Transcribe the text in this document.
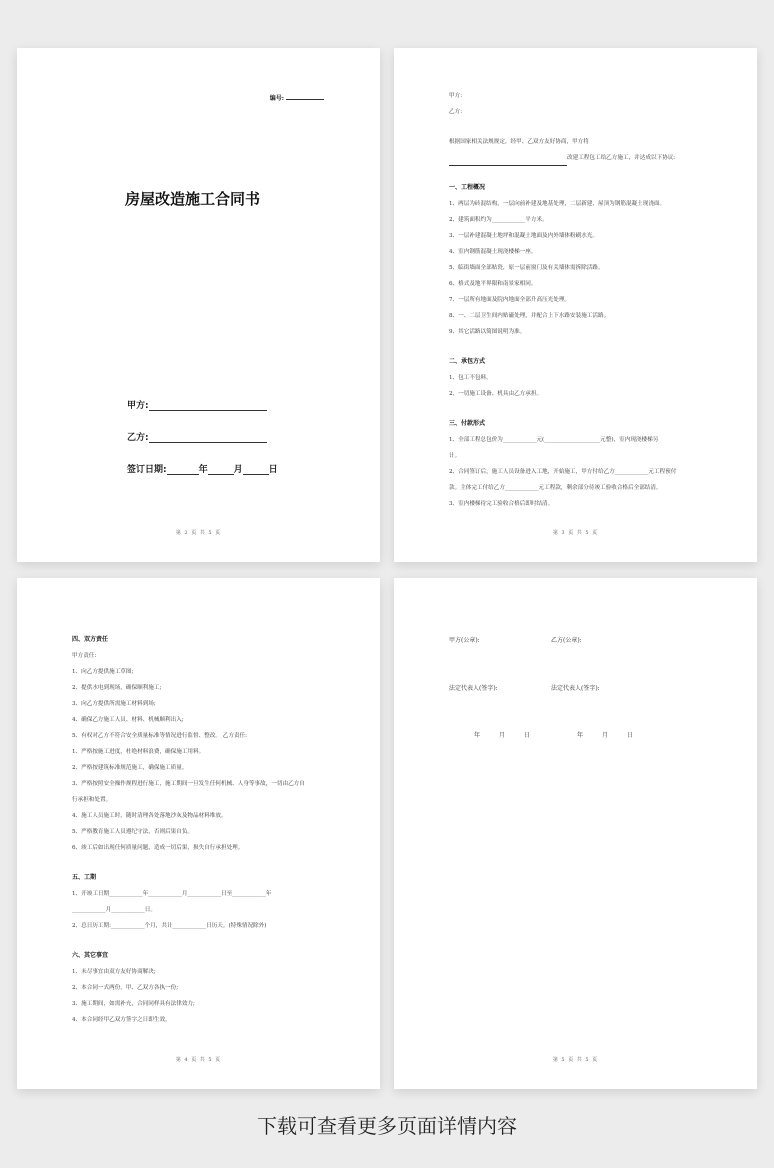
编号:
房屋改造施工合同书
甲方:
乙方:
签订日期:	年	月	日
第 2 页 共 5 页
甲方:
乙方:
根据国家相关法规规定，经甲、乙双方友好协商，甲方将
改建工程包工给乙方施工，并达成以下协议:
一、工程概况
1、两层为砖混结构，一层向前补建及地基处理，二层新建，屋顶为钢筋混凝土现浇面。
2、建筑面积约为____________平方米。
3、一层补建混凝土地坪和混凝土地面及内外墙体粉刷水光。
4、室内钢筋混凝土现浇楼梯一座。
5、临街墙面全部贴瓷，原一层前窗门及有关墙体需拆除活路。
6、格式及地平界限和南景家相同。
7、一层所有地面及院内地面全部升高压光处理。
8、一、二层卫生间内贴磁处理，并配合上下水路安装施工活路。
9、其它活路以简图说明为准。
二、承包方式
1、包工不包料。
2、一切施工设备、机具由乙方承担。
三、付款形式
1、全部工程总包价为____________元(____________________元整)，室内现浇楼梯另
计。
2、合同签订后，施工人员设备进入工地，开始施工，甲方付给乙方____________元工程预付
款。主体完工付给乙方____________元工程款，剩余部分待竣工验收合格后全部结清。
3、室内楼梯待完工验收合格后即时结清。
第 3 页 共 5 页
四、双方责任
甲方责任:
1、向乙方提供施工草图;
2、提供水电到现场，确保顺利施工;
3、向乙方提供所需施工材料到场;
4、确保乙方施工人员、材料、机械顺利出入;
5、有权对乙方不符合安全质量标准等情况进行监督、整改。 乙方责任:
1、严格按施工进度，杜绝材料浪费，确保施工用料。
2、严格按建筑标准规范施工，确保施工质量。
3、严格按照安全操作规程进行施工，施工期间一旦发生任何机械、人身等事故，一切由乙方自
行承担和处置。
4、施工人员施工时，随时清理各处落地沙灰及物品材料堆放。
5、严格教育施工人员遵纪守法，否则后果自负。
6、竣工后如出现任何质量问题，造成一切后果，损失自行承担处理。
五、工期
1、开竣工日期____________年____________月____________日至____________年
____________月____________日。
2、总日历工期:____________个月，共计____________日历天。(特殊情况除外)
六、其它事宜
1、未尽事宜由双方友好协商解决;
2、本合同一式两份，甲、乙双方各执一份;
3、施工期间，如需补充，合同同样具有法律效力;
4、本合同经甲乙双方签字之日即生效。
第 4 页 共 5 页
甲方(公章):	乙方(公章):
法定代表人(签字):	法定代表人(签字):
年	月	日	年	月	日
第 5 页 共 5 页
下载可查看更多页面详情内容
